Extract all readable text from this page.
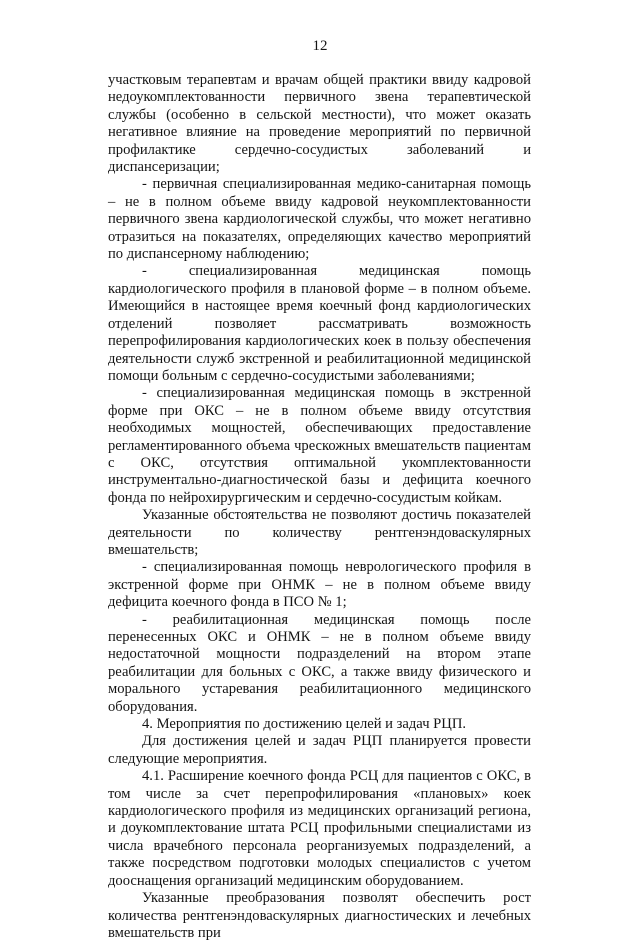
12

участковым терапевтам и врачам общей практики ввиду кадровой недоукомплектованности первичного звена терапевтической службы (особенно в сельской местности), что может оказать негативное влияние на проведение мероприятий по первичной профилактике сердечно-сосудистых заболеваний и диспансеризации;

- первичная специализированная медико-санитарная помощь – не в полном объеме ввиду кадровой неукомплектованности первичного звена кардиологической службы, что может негативно отразиться на показателях, определяющих качество мероприятий по диспансерному наблюдению;

- специализированная медицинская помощь кардиологического профиля в плановой форме – в полном объеме. Имеющийся в настоящее время коечный фонд кардиологических отделений позволяет рассматривать возможность перепрофилирования кардиологических коек в пользу обеспечения деятельности служб экстренной и реабилитационной медицинской помощи больным с сердечно-сосудистыми заболеваниями;

- специализированная медицинская помощь в экстренной форме при ОКС – не в полном объеме ввиду отсутствия необходимых мощностей, обеспечивающих предоставление регламентированного объема чрескожных вмешательств пациентам с ОКС, отсутствия оптимальной укомплектованности инструментально-диагностической базы и дефицита коечного фонда по нейрохирургическим и сердечно-сосудистым койкам.

Указанные обстоятельства не позволяют достичь показателей деятельности по количеству рентгенэндоваскулярных вмешательств;

- специализированная помощь неврологического профиля в экстренной форме при ОНМК – не в полном объеме ввиду дефицита коечного фонда в ПСО № 1;

- реабилитационная медицинская помощь после перенесенных ОКС и ОНМК – не в полном объеме ввиду недостаточной мощности подразделений на втором этапе реабилитации для больных с ОКС, а также ввиду физического и морального устаревания реабилитационного медицинского оборудования.

4. Мероприятия по достижению целей и задач РЦП.

Для достижения целей и задач РЦП планируется провести следующие мероприятия.

4.1. Расширение коечного фонда РСЦ для пациентов с ОКС, в том числе за счет перепрофилирования «плановых» коек кардиологического профиля из медицинских организаций региона, и доукомплектование штата РСЦ профильными специалистами из числа врачебного персонала реорганизуемых подразделений, а также посредством подготовки молодых специалистов с учетом дооснащения организаций медицинским оборудованием.

Указанные преобразования позволят обеспечить рост количества рентгенэндоваскулярных диагностических и лечебных вмешательств при
